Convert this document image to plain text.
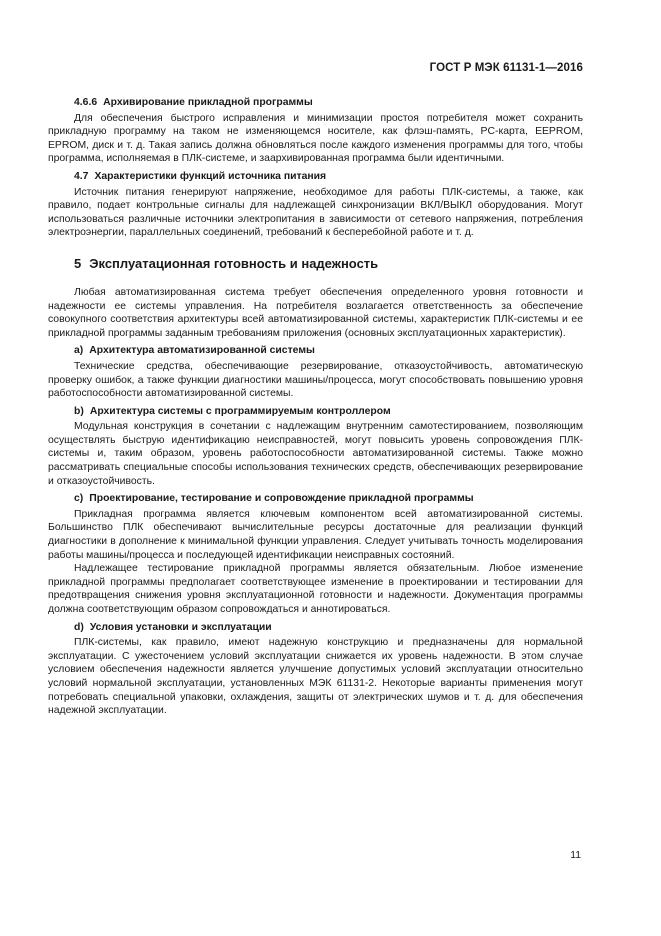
ГОСТ Р МЭК 61131-1—2016
4.6.6 Архивирование прикладной программы

Для обеспечения быстрого исправления и минимизации простоя потребителя может сохранить прикладную программу на таком не изменяющемся носителе, как флэш-память, PC-карта, EEPROM, EPROM, диск и т. д. Такая запись должна обновляться после каждого изменения программы для того, чтобы программа, исполняемая в ПЛК-системе, и заархивированная программа были идентичными.

4.7 Характеристики функций источника питания

Источник питания генерируют напряжение, необходимое для работы ПЛК-системы, а также, как правило, подает контрольные сигналы для надлежащей синхронизации ВКЛ/ВЫКЛ оборудования. Могут использоваться различные источники электропитания в зависимости от сетевого напряжения, потребления электроэнергии, параллельных соединений, требований к бесперебойной работе и т. д.

5 Эксплуатационная готовность и надежность

Любая автоматизированная система требует обеспечения определенного уровня готовности и надежности ее системы управления. На потребителя возлагается ответственность за обеспечение совокупного соответствия архитектуры всей автоматизированной системы, характеристик ПЛК-системы и ее прикладной программы заданным требованиям приложения (основных эксплуатационных характеристик).

a) Архитектура автоматизированной системы

Технические средства, обеспечивающие резервирование, отказоустойчивость, автоматическую проверку ошибок, а также функции диагностики машины/процесса, могут способствовать повышению уровня работоспособности автоматизированной системы.

b) Архитектура системы с программируемым контроллером

Модульная конструкция в сочетании с надлежащим внутренним самотестированием, позволяющим осуществлять быструю идентификацию неисправностей, могут повысить уровень сопровождения ПЛК-системы и, таким образом, уровень работоспособности автоматизированной системы. Также можно рассматривать специальные способы использования технических средств, обеспечивающих резервирование и отказоустойчивость.

c) Проектирование, тестирование и сопровождение прикладной программы

Прикладная программа является ключевым компонентом всей автоматизированной системы. Большинство ПЛК обеспечивают вычислительные ресурсы достаточные для реализации функций диагностики в дополнение к минимальной функции управления. Следует учитывать точность моделирования работы машины/процесса и последующей идентификации неисправных состояний.

Надлежащее тестирование прикладной программы является обязательным. Любое изменение прикладной программы предполагает соответствующее изменение в проектировании и тестировании для предотвращения снижения уровня эксплуатационной готовности и надежности. Документация программы должна соответствующим образом сопровождаться и аннотироваться.

d) Условия установки и эксплуатации

ПЛК-системы, как правило, имеют надежную конструкцию и предназначены для нормальной эксплуатации. С ужесточением условий эксплуатации снижается их уровень надежности. В этом случае условием обеспечения надежности является улучшение допустимых условий эксплуатации относительно условий нормальной эксплуатации, установленных МЭК 61131-2. Некоторые варианты применения могут потребовать специальной упаковки, охлаждения, защиты от электрических шумов и т. д. для обеспечения надежной эксплуатации.

11
